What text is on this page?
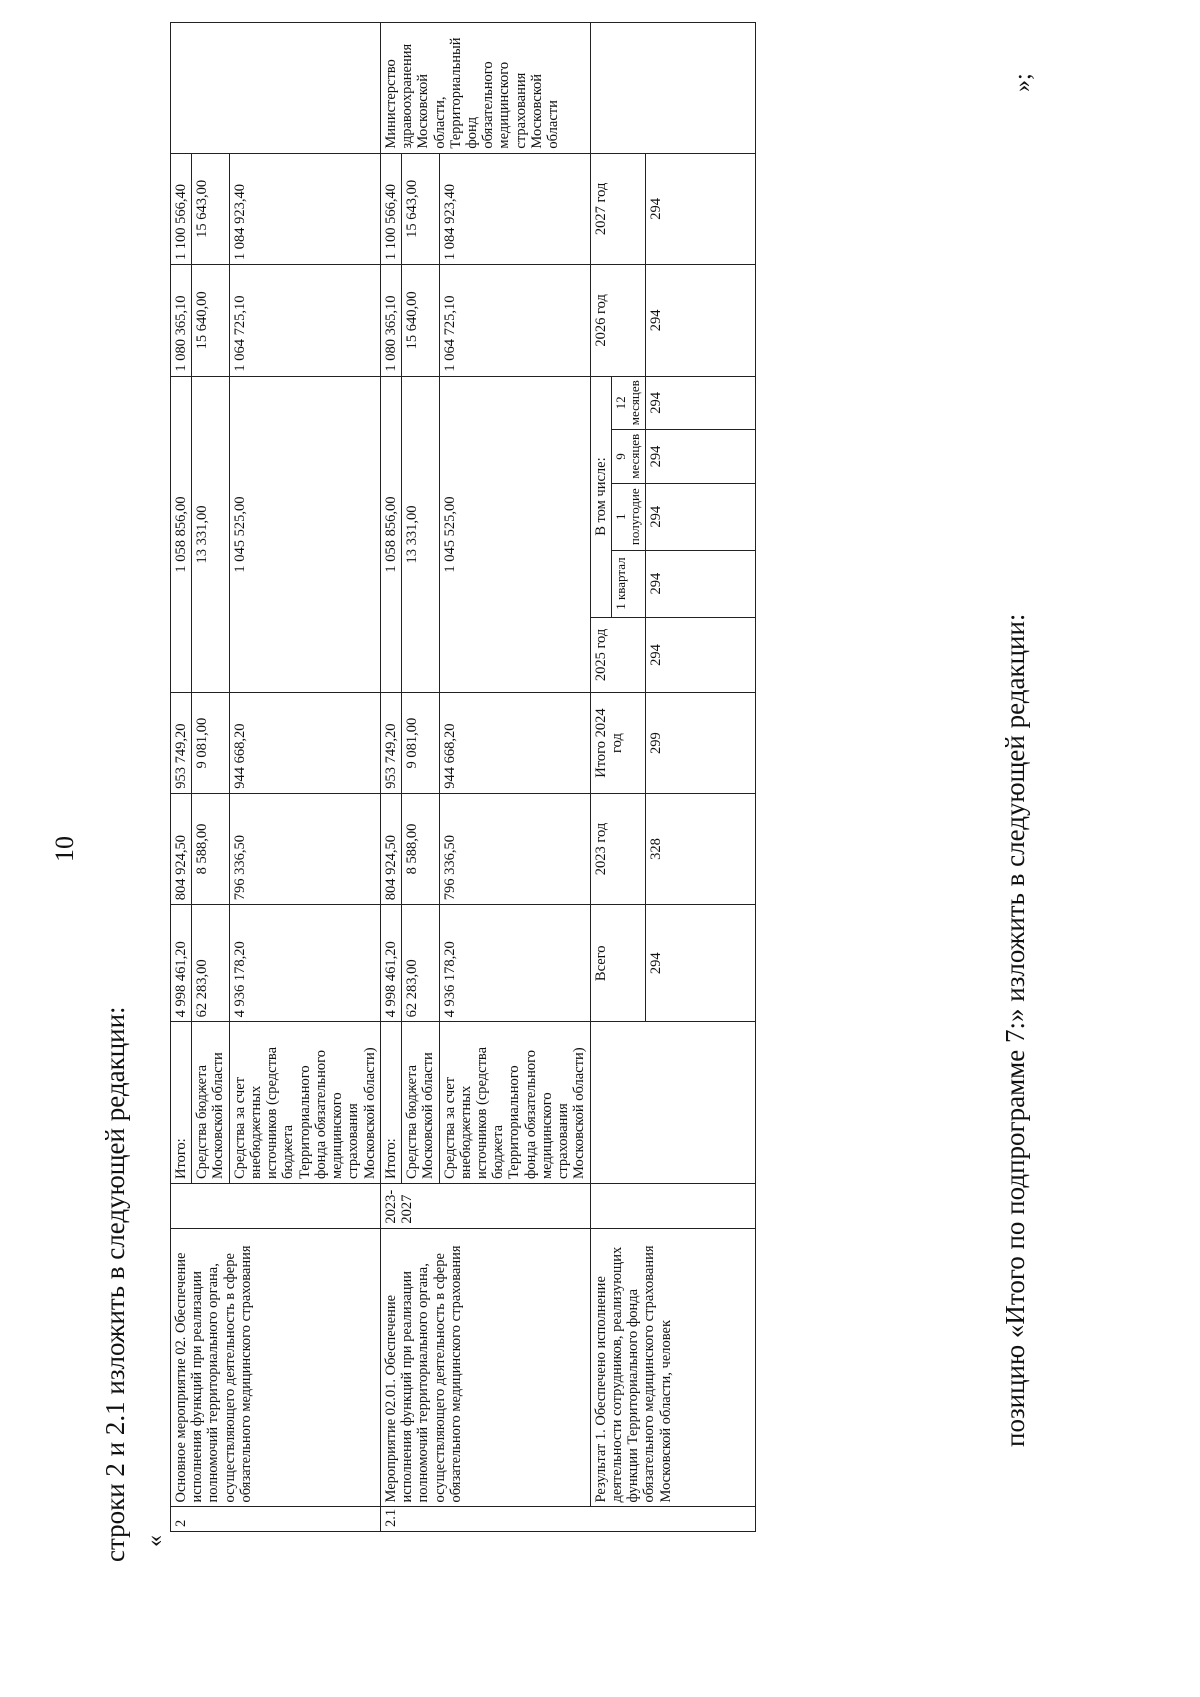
10
строки 2 и 2.1 изложить в следующей редакции: «
2	Основное мероприятие 02. Обеспечение исполнения функций при реализации полномочий территориального органа, осуществляющего деятельность в сфере обязательного медицинского страхования		Итого:	4 998 461,20	804 924,50	953 749,20	1 058 856,00					1 080 365,10	1 100 566,40	
			Средства бюджета Московской области	62 283,00	8 588,00	9 081,00	13 331,00					15 640,00	15 643,00	
			Средства за счет внебюджетных источников (средства бюджета Территориального фонда обязательного медицинского страхования Московской области)	4 936 178,20	796 336,50	944 668,20	1 045 525,00					1 064 725,10	1 084 923,40	
2.1	Мероприятие 02.01. Обеспечение исполнения функций при реализации полномочий территориального органа, осуществляющего деятельность в сфере обязательного медицинского страхования	2023-2027	Итого:	4 998 461,20	804 924,50	953 749,20	1 058 856,00					1 080 365,10	1 100 566,40	Министерство здравоохранения Московской области, Территориальный фонд обязательного медицинского страхования Московской области
			Средства бюджета Московской области	62 283,00	8 588,00	9 081,00	13 331,00					15 640,00	15 643,00	
			Средства за счет внебюджетных источников (средства бюджета Территориального фонда обязательного медицинского страхования Московской области)	4 936 178,20	796 336,50	944 668,20	1 045 525,00					1 064 725,10	1 084 923,40	
	Результат 1. Обеспечено исполнение деятельности сотрудников, реализующих функции Территориального фонда обязательного медицинского страхования Московской области, человек			Всего	2023 год	Итого 2024 год	2025 год	В том числе:				2026 год	2027 год	
								1 квартал	1 полугодие	9 месяцев	12 месяцев			
				294	328	299	294	294	294	294	294	294	294	
»;
позицию «Итого по подпрограмме 7:» изложить в следующей редакции:
